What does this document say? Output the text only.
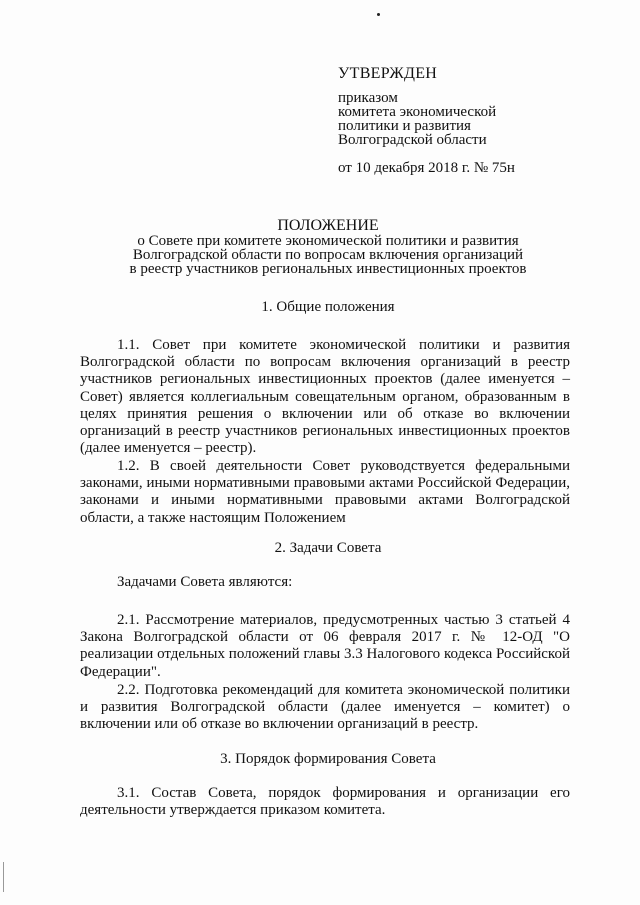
УТВЕРЖДЕН
приказом
комитета экономической
политики и развития
Волгоградской области
от 10 декабря 2018 г. № 75н
ПОЛОЖЕНИЕ
о Совете при комитете экономической политики и развития
Волгоградской области по вопросам включения организаций
в реестр участников региональных инвестиционных проектов
1. Общие положения

1.1. Совет при комитете экономической политики и развития Волгоградской области по вопросам включения организаций в реестр участников региональных инвестиционных проектов (далее именуется – Совет) является коллегиальным совещательным органом, образованным в целях принятия решения о включении или об отказе во включении организаций в реестр участников региональных инвестиционных проектов (далее именуется – реестр).

1.2. В своей деятельности Совет руководствуется федеральными законами, иными нормативными правовыми актами Российской Федерации, законами и иными нормативными правовыми актами Волгоградской области, а также настоящим Положением

2. Задачи Совета

Задачами Совета являются:

2.1. Рассмотрение материалов, предусмотренных частью 3 статьей 4 Закона Волгоградской области от 06 февраля 2017 г. № 12-ОД "О реализации отдельных положений главы 3.3 Налогового кодекса Российской Федерации".

2.2. Подготовка рекомендаций для комитета экономической политики и развития Волгоградской области (далее именуется – комитет) о включении или об отказе во включении организаций в реестр.

3. Порядок формирования Совета

3.1. Состав Совета, порядок формирования и организации его деятельности утверждается приказом комитета.
